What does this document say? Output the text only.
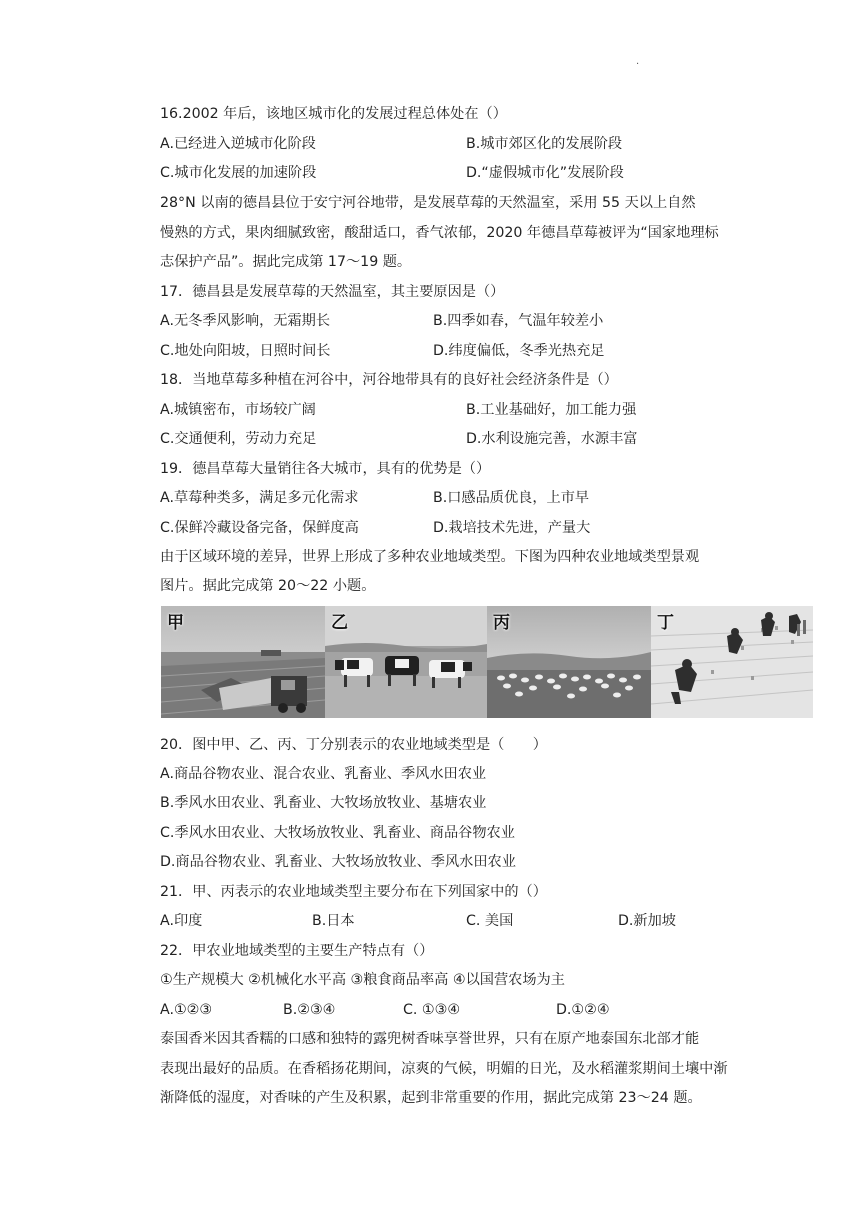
.
16.2002 年后，该地区城市化的发展过程总体处在（）
A.已经进入逆城市化阶段	B.城市郊区化的发展阶段
C.城市化发展的加速阶段	D.“虚假城市化”发展阶段
28°N 以南的德昌县位于安宁河谷地带，是发展草莓的天然温室，采用 55 天以上自然
慢熟的方式，果肉细腻致密，酸甜适口，香气浓郁，2020 年德昌草莓被评为“国家地理标
志保护产品”。据此完成第 17～19 题。
17．德昌县是发展草莓的天然温室，其主要原因是（）
A.无冬季风影响，无霜期长	B.四季如春，气温年较差小
C.地处向阳坡，日照时间长	D.纬度偏低，冬季光热充足
18．当地草莓多种植在河谷中，河谷地带具有的良好社会经济条件是（）
A.城镇密布，市场较广阔	B.工业基础好，加工能力强
C.交通便利，劳动力充足	D.水利设施完善，水源丰富
19．德昌草莓大量销往各大城市，具有的优势是（）
A.草莓种类多，满足多元化需求	B.口感品质优良，上市早
C.保鲜冷藏设备完备，保鲜度高	D.栽培技术先进，产量大
由于区域环境的差异，世界上形成了多种农业地域类型。下图为四种农业地域类型景观
图片。据此完成第 20～22 小题。
甲	乙	丙	丁
20．图中甲、乙、丙、丁分别表示的农业地域类型是（　　）
A.商品谷物农业、混合农业、乳畜业、季风水田农业
B.季风水田农业、乳畜业、大牧场放牧业、基塘农业
C.季风水田农业、大牧场放牧业、乳畜业、商品谷物农业
D.商品谷物农业、乳畜业、大牧场放牧业、季风水田农业
21．甲、丙表示的农业地域类型主要分布在下列国家中的（）
A.印度	B.日本	C. 美国	D.新加坡
22．甲农业地域类型的主要生产特点有（）
①生产规模大 ②机械化水平高 ③粮食商品率高 ④以国营农场为主
A.①②③	B.②③④	C. ①③④	D.①②④
泰国香米因其香糯的口感和独特的露兜树香味享誉世界，只有在原产地泰国东北部才能
表现出最好的品质。在香稻扬花期间，凉爽的气候，明媚的日光，及水稻灌浆期间土壤中渐
渐降低的湿度，对香味的产生及积累，起到非常重要的作用，据此完成第 23～24 题。
